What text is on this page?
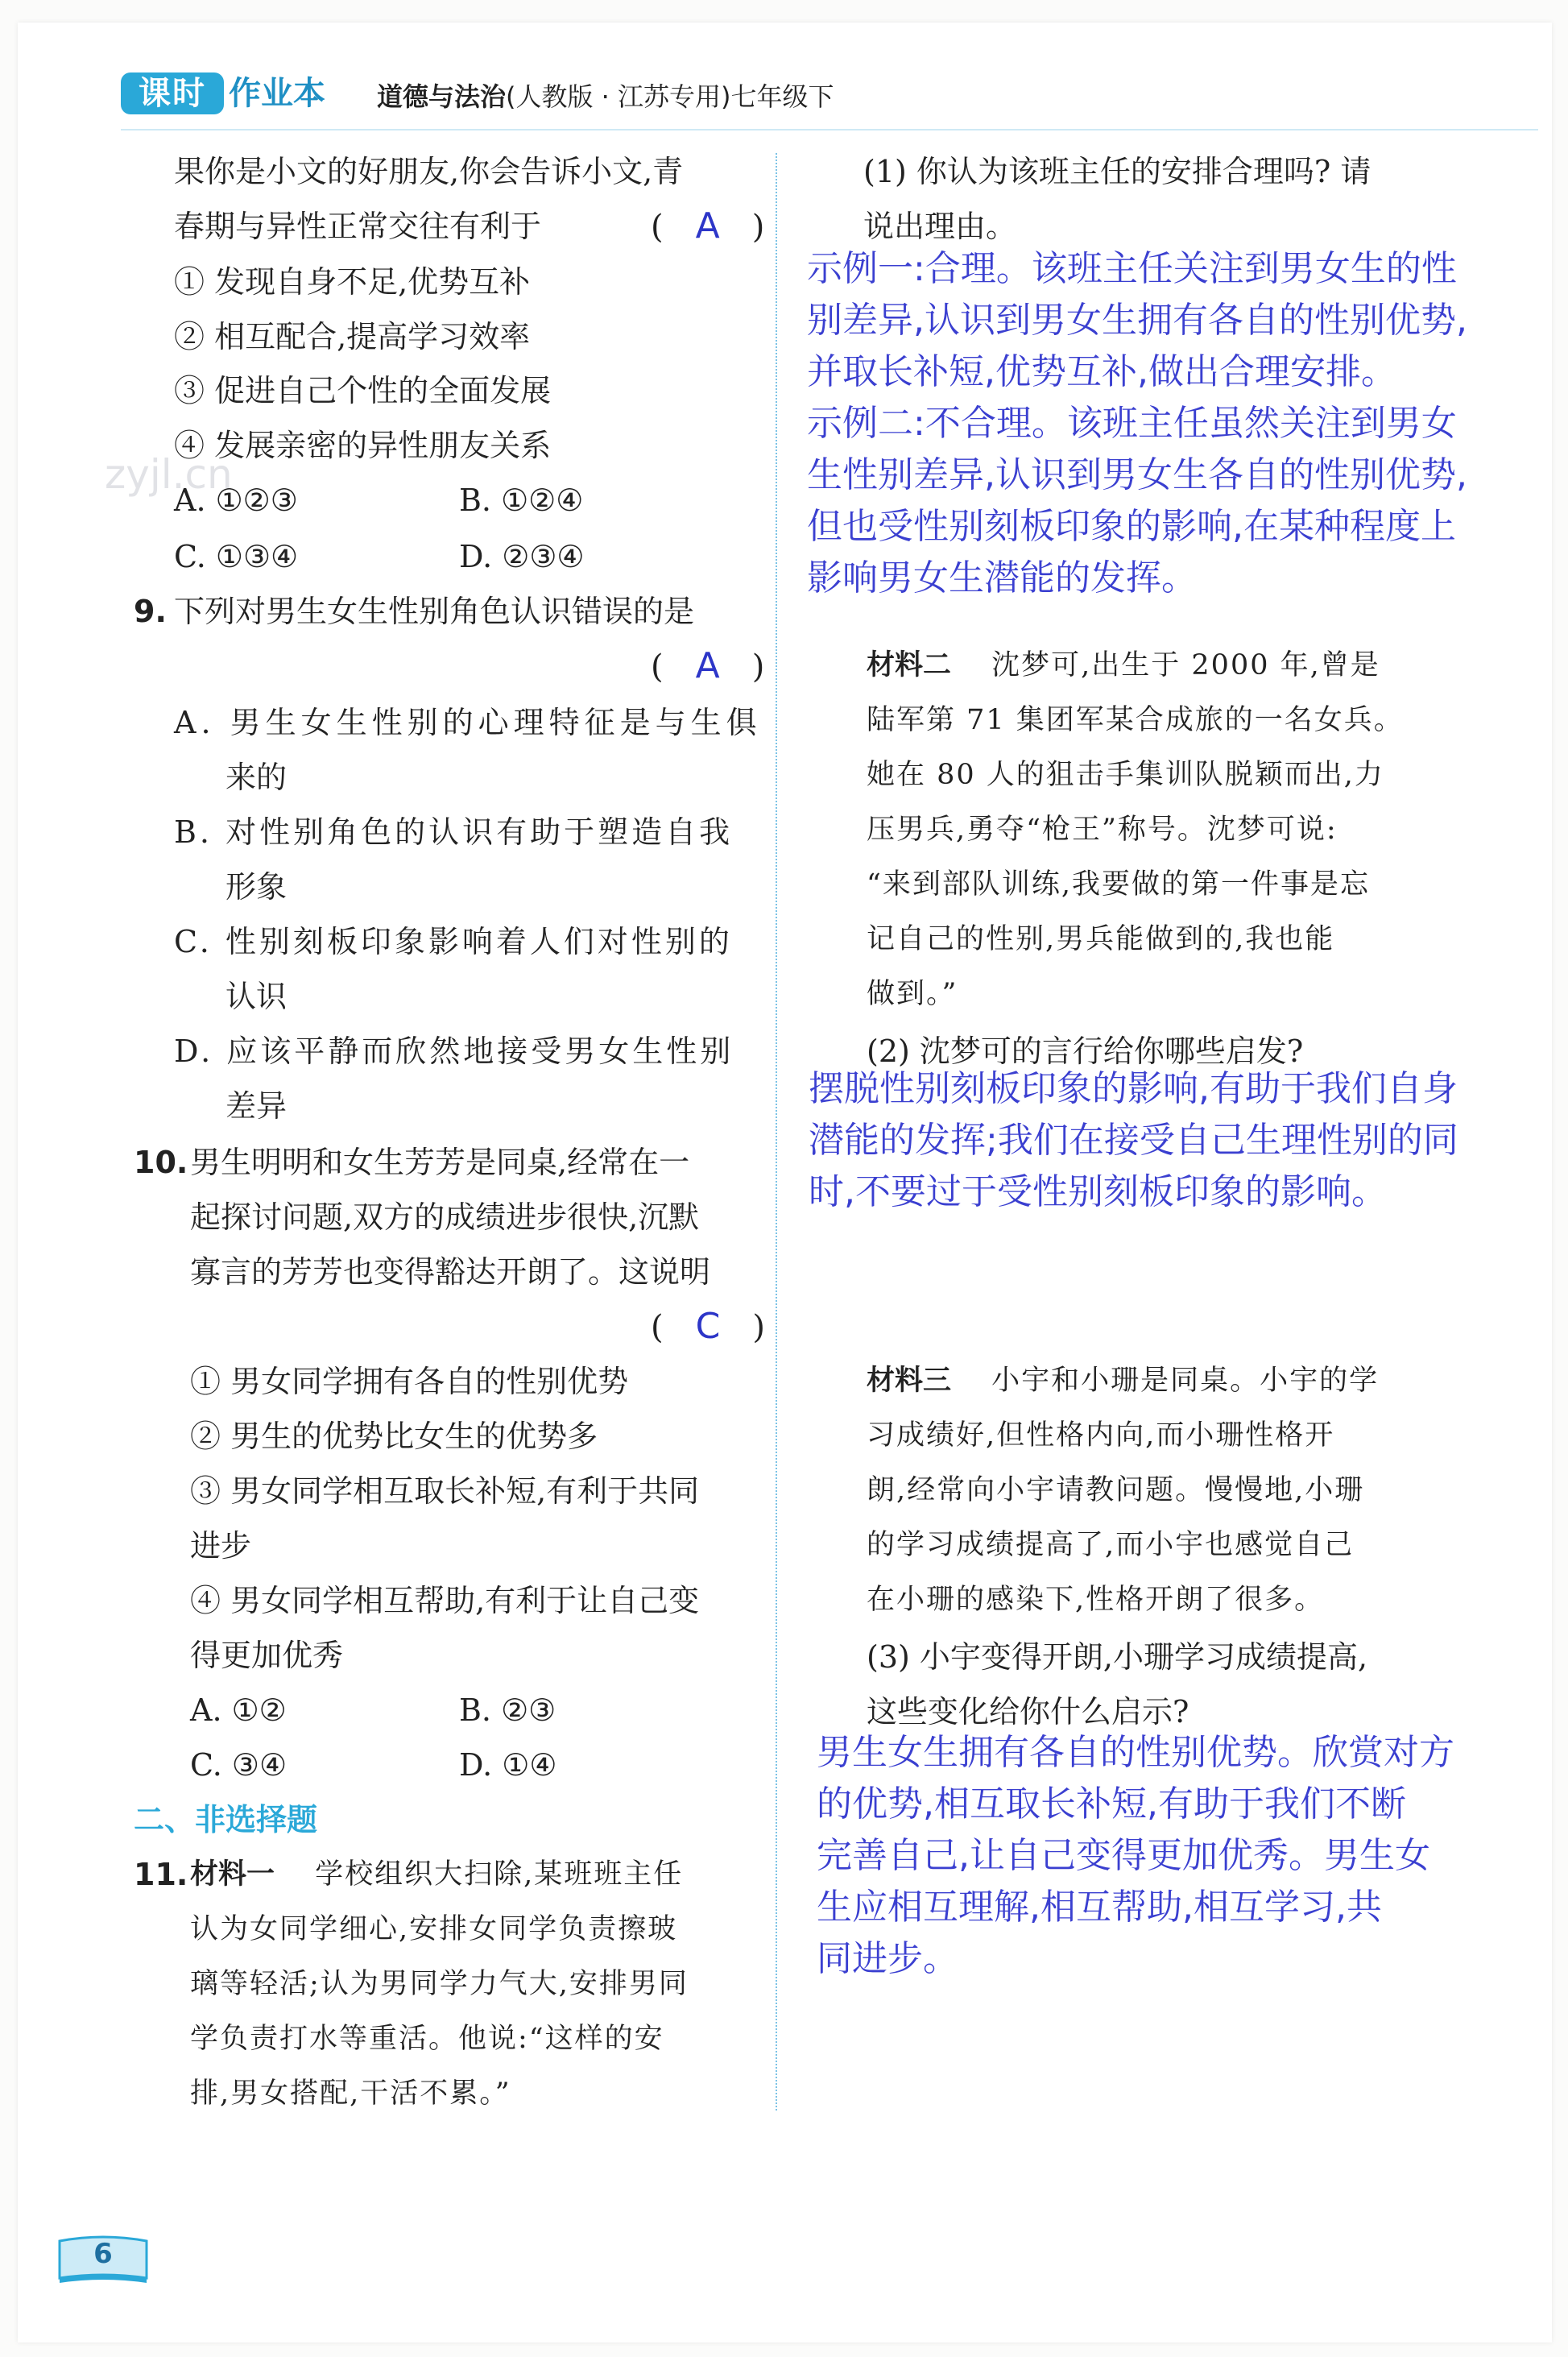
课时 作业本 道德与法治(人教版 · 江苏专用)七年级下
zyjl.cn
果你是小文的好朋友,你会告诉小文,青
春期与异性正常交往有利于	(　A　)
① 发现自身不足,优势互补
② 相互配合,提高学习效率
③ 促进自己个性的全面发展
④ 发展亲密的异性朋友关系
A. ①②③	B. ①②④
C. ①③④	D. ②③④
9. 下列对男生女生性别角色认识错误的是
(　A　)
A. 男生女生性别的心理特征是与生俱
来的
B. 对性别角色的认识有助于塑造自我
形象
C. 性别刻板印象影响着人们对性别的
认识
D. 应该平静而欣然地接受男女生性别
差异
10. 男生明明和女生芳芳是同桌,经常在一
起探讨问题,双方的成绩进步很快,沉默
寡言的芳芳也变得豁达开朗了。这说明
(　C　)
① 男女同学拥有各自的性别优势
② 男生的优势比女生的优势多
③ 男女同学相互取长补短,有利于共同
进步
④ 男女同学相互帮助,有利于让自己变
得更加优秀
A. ①②	B. ②③
C. ③④	D. ①④
二、非选择题
11. 材料一　 学校组织大扫除,某班班主任
认为女同学细心,安排女同学负责擦玻
璃等轻活;认为男同学力气大,安排男同
学负责打水等重活。他说:“这样的安
排,男女搭配,干活不累。”
(1) 你认为该班主任的安排合理吗? 请
说出理由。
示例一:合理。该班主任关注到男女生的性
别差异,认识到男女生拥有各自的性别优势,
并取长补短,优势互补,做出合理安排。
示例二:不合理。该班主任虽然关注到男女
生性别差异,认识到男女生各自的性别优势,
但也受性别刻板印象的影响,在某种程度上
影响男女生潜能的发挥。
材料二　 沈梦可,出生于 2000 年,曾是
陆军第 71 集团军某合成旅的一名女兵。
她在 80 人的狙击手集训队脱颖而出,力
压男兵,勇夺“枪王”称号。沈梦可说:
“来到部队训练,我要做的第一件事是忘
记自己的性别,男兵能做到的,我也能
做到。”
(2) 沈梦可的言行给你哪些启发?
摆脱性别刻板印象的影响,有助于我们自身
潜能的发挥;我们在接受自己生理性别的同
时,不要过于受性别刻板印象的影响。
材料三　 小宇和小珊是同桌。小宇的学
习成绩好,但性格内向,而小珊性格开
朗,经常向小宇请教问题。慢慢地,小珊
的学习成绩提高了,而小宇也感觉自己
在小珊的感染下,性格开朗了很多。
(3) 小宇变得开朗,小珊学习成绩提高,
这些变化给你什么启示?
男生女生拥有各自的性别优势。欣赏对方
的优势,相互取长补短,有助于我们不断
完善自己,让自己变得更加优秀。男生女
生应相互理解,相互帮助,相互学习,共
同进步。
6
